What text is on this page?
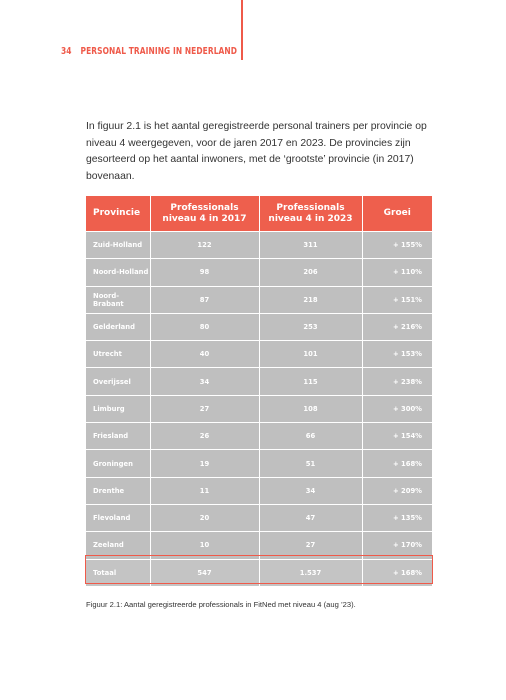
34 PERSONAL TRAINING IN NEDERLAND

In figuur 2.1 is het aantal geregistreerde personal trainers per provincie op niveau 4 weergegeven, voor de jaren 2017 en 2023. De provincies zijn gesorteerd op het aantal inwoners, met de ‘grootste’ provincie (in 2017) bovenaan.

Provincie	Professionals niveau 4 in 2017	Professionals niveau 4 in 2023	Groei
Zuid-Holland	122	311	+ 155%
Noord-Holland	98	206	+ 110%
Noord-Brabant	87	218	+ 151%
Gelderland	80	253	+ 216%
Utrecht	40	101	+ 153%
Overijssel	34	115	+ 238%
Limburg	27	108	+ 300%
Friesland	26	66	+ 154%
Groningen	19	51	+ 168%
Drenthe	11	34	+ 209%
Flevoland	20	47	+ 135%
Zeeland	10	27	+ 170%
Totaal	547	1.537	+ 168%

Figuur 2.1: Aantal geregistreerde professionals in FitNed met niveau 4 (aug ’23).
